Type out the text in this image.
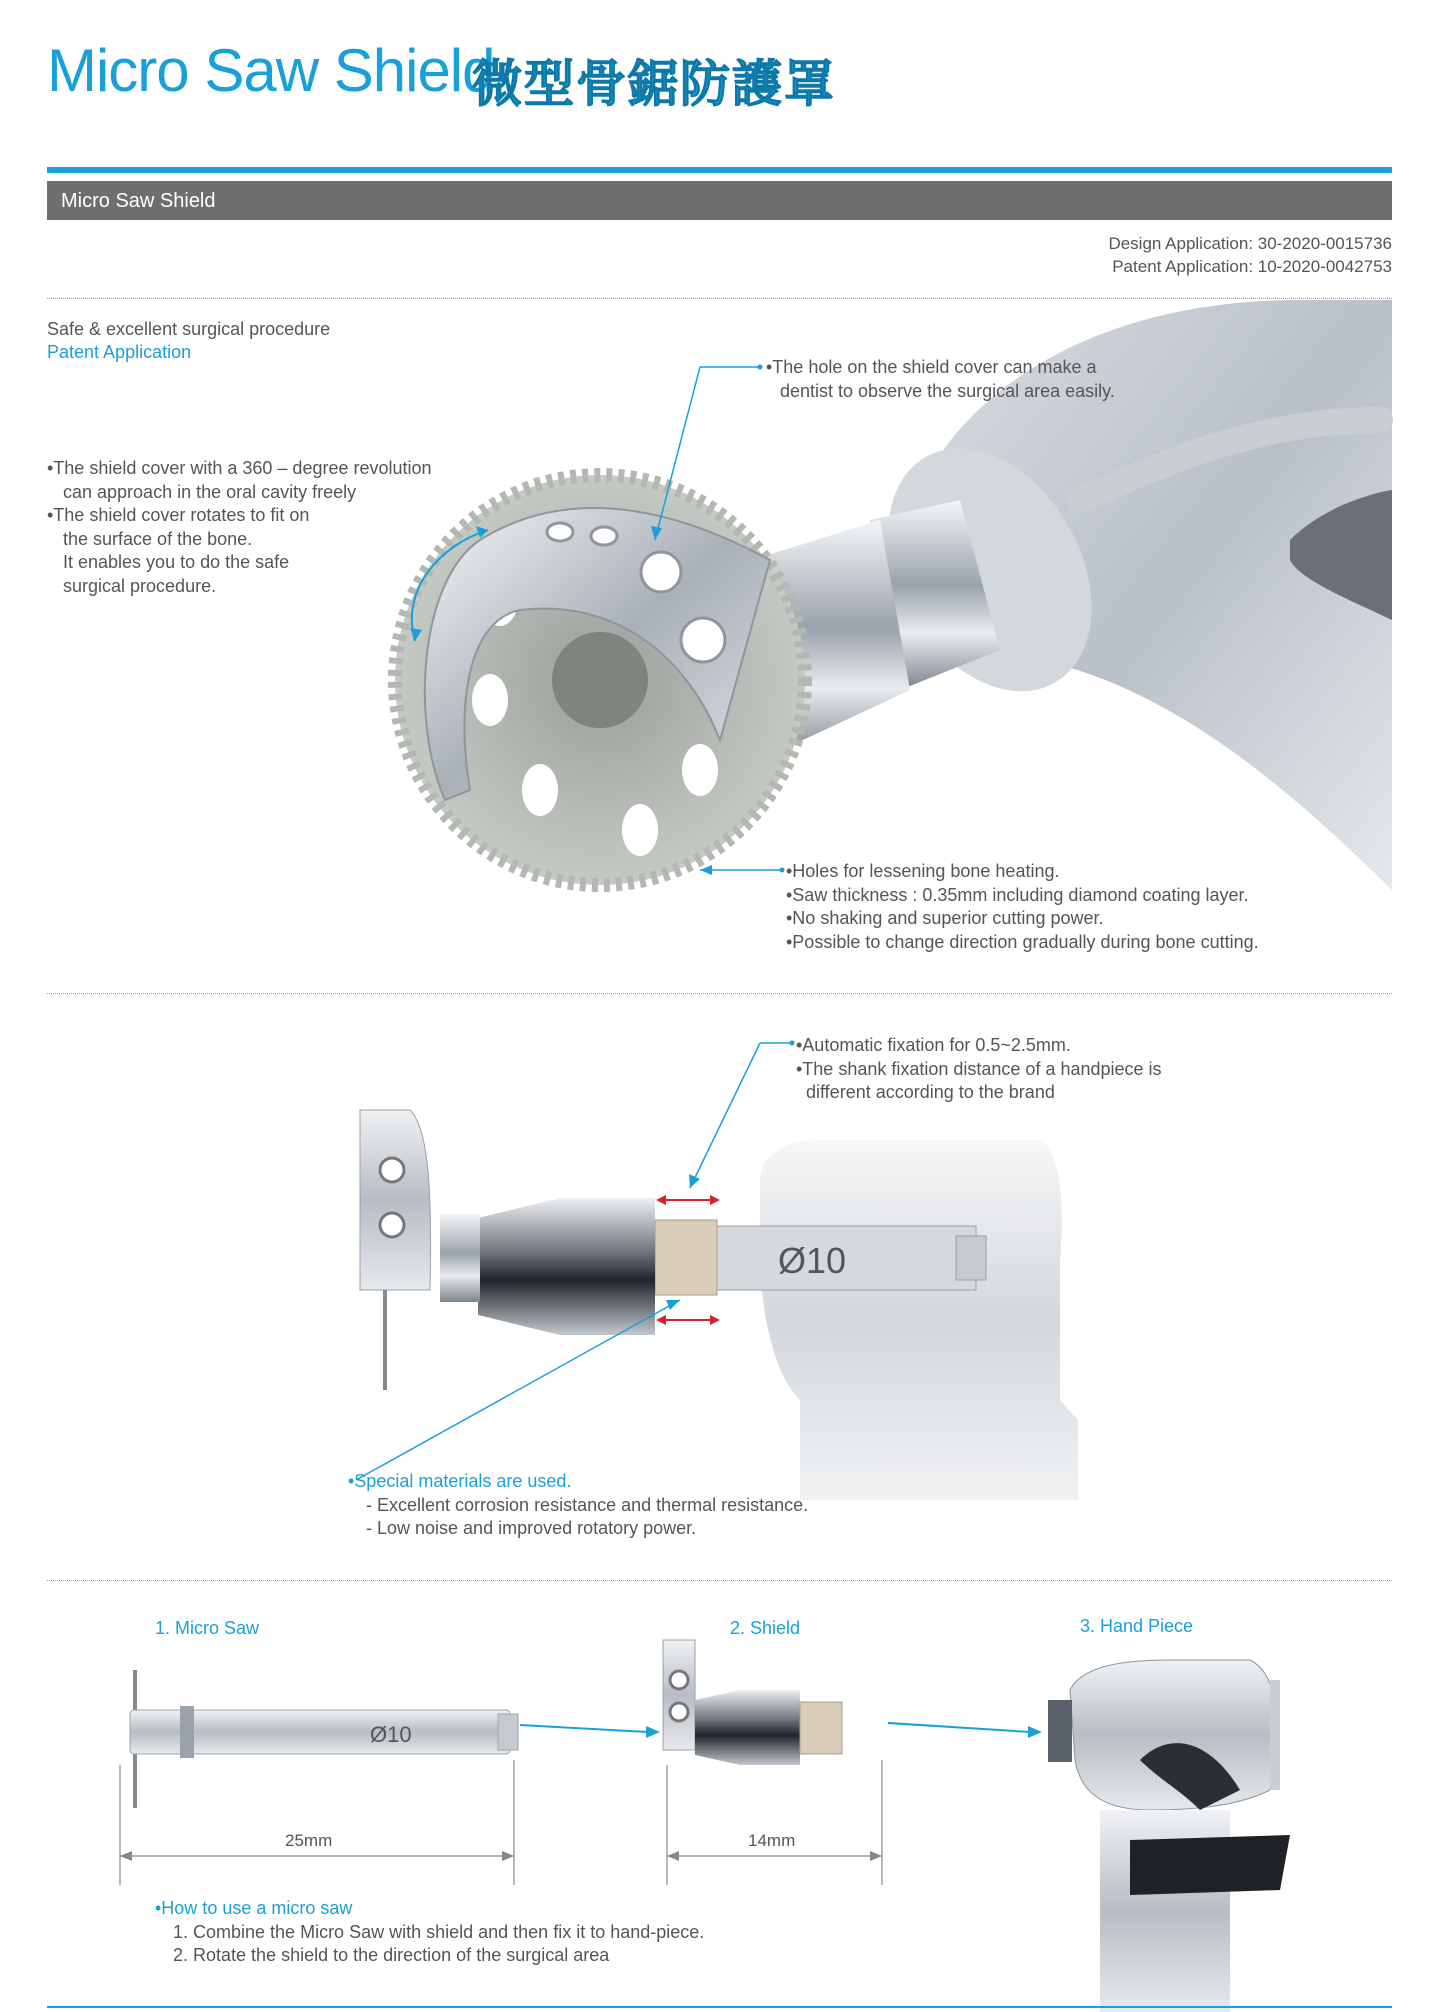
Micro Saw Shield
微型骨鋸防護罩
Micro Saw Shield
Design Application: 30-2020-0015736
Patent Application: 10-2020-0042753
Safe & excellent surgical procedure
Patent Application
•The shield cover with a 360 – degree revolution
can approach in the oral cavity freely
•The shield cover rotates to fit on
the surface of the bone.
It enables you to do the safe
surgical procedure.
•The hole on the shield cover can make a
dentist to observe the surgical area easily.
•Holes for lessening bone heating.
•Saw thickness : 0.35mm including diamond coating layer.
•No shaking and superior cutting power.
•Possible to change direction gradually during bone cutting.
Ø10
•Automatic fixation for 0.5~2.5mm.
•The shank fixation distance of a handpiece is
different according to the brand
•Special materials are used.
- Excellent corrosion resistance and thermal resistance.
- Low noise and improved rotatory power.
1. Micro Saw	2. Shield	3. Hand Piece
Ø10
25mm	14mm
•How to use a micro saw
1. Combine the Micro Saw with shield and then fix it to hand-piece.
2. Rotate the shield to the direction of the surgical area
